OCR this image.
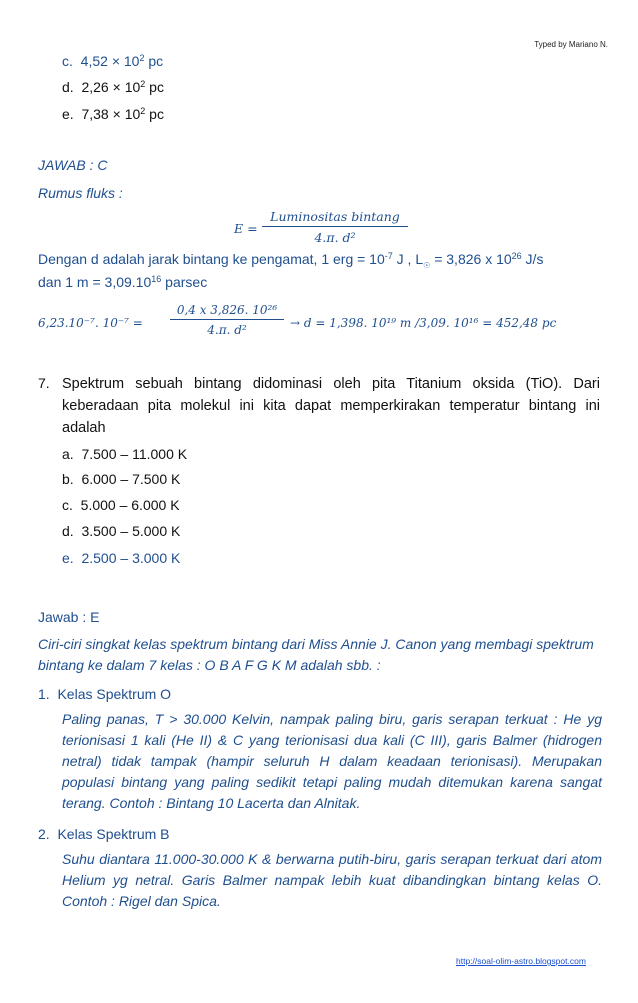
Typed by Mariano N.
c. $4,52 \times 10^2$ pc
d. $2,26 \times 10^2$ pc
e. $7,38 \times 10^2$ pc
JAWAB : C
Rumus fluks :
E =
Luminositas bintang
4.π. d²
Dengan d adalah jarak bintang ke pengamat, 1 erg = $10^{-7}$ J , $L_☉ = 3,826$ x $10^{26}$ J/s
dan 1 $m = 3,09.10^{16}$ parsec
6,23.10⁻⁷. $10^{-7} = \frac{\text{0,4 x 3,826. 10²⁶}}{\text{4.π. d²}} \to d = 1,398$. 10¹⁹ m /3,09. 10¹⁶ = 452,48 pc
7. Spektrum sebuah bintang didominasi oleh pita Titanium oksida (TiO). Dari keberadaan pita molekul ini kita dapat memperkirakan temperatur bintang ini adalah
a. 7.500 – 11.000 K
b. 6.000 – 7.500 K
c. 5.000 – 6.000 K
d. 3.500 – 5.000 K
e. 2.500 – 3.000 K
Jawab : E
Ciri-ciri singkat kelas spektrum bintang dari Miss Annie J. Canon yang membagi spektrum bintang ke dalam 7 kelas : O B A F G K M adalah sbb. :
1. Kelas Spektrum O
Paling panas, T > 30.000 Kelvin, nampak paling biru, garis serapan terkuat : He yg terionisasi 1 kali (He II) & C yang terionisasi dua kali (C III), garis Balmer (hidrogen netral) tidak tampak (hampir seluruh H dalam keadaan terionisasi). Merupakan populasi bintang yang paling sedikit tetapi paling mudah ditemukan karena sangat terang. Contoh : Bintang 10 Lacerta dan Alnitak.
2. Kelas Spektrum B
Suhu diantara 11.000-30.000 K & berwarna putih-biru, garis serapan terkuat dari atom Helium yg netral. Garis Balmer nampak lebih kuat dibandingkan bintang kelas O. Contoh : Rigel dan Spica.
http://soal-olim-astro.blogspot.com
